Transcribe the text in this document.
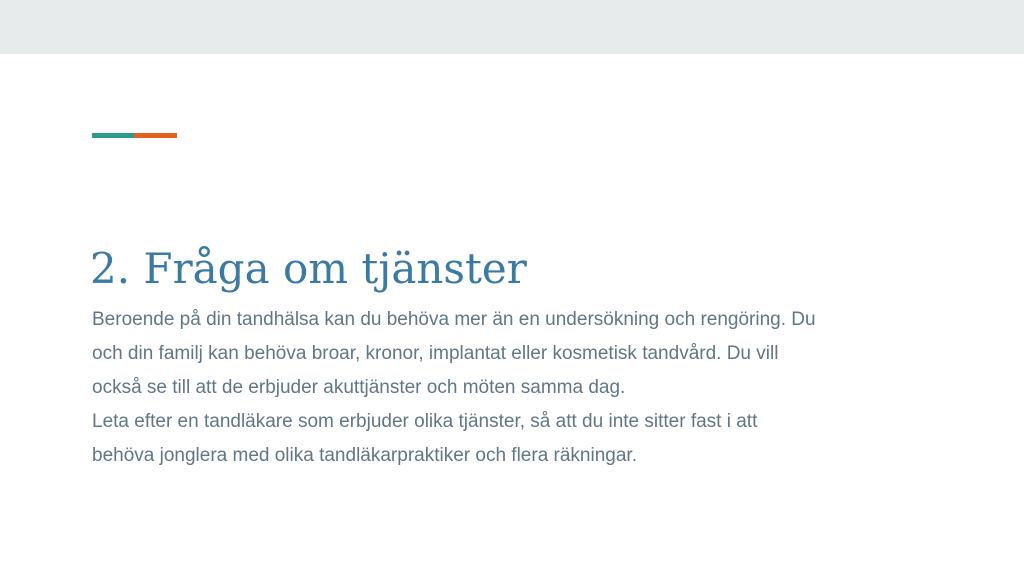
2. Fråga om tjänster

Beroende på din tandhälsa kan du behöva mer än en undersökning och rengöring. Du

och din familj kan behöva broar, kronor, implantat eller kosmetisk tandvård. Du vill

också se till att de erbjuder akuttjänster och möten samma dag.

Leta efter en tandläkare som erbjuder olika tjänster, så att du inte sitter fast i att

behöva jonglera med olika tandläkarpraktiker och flera räkningar.
